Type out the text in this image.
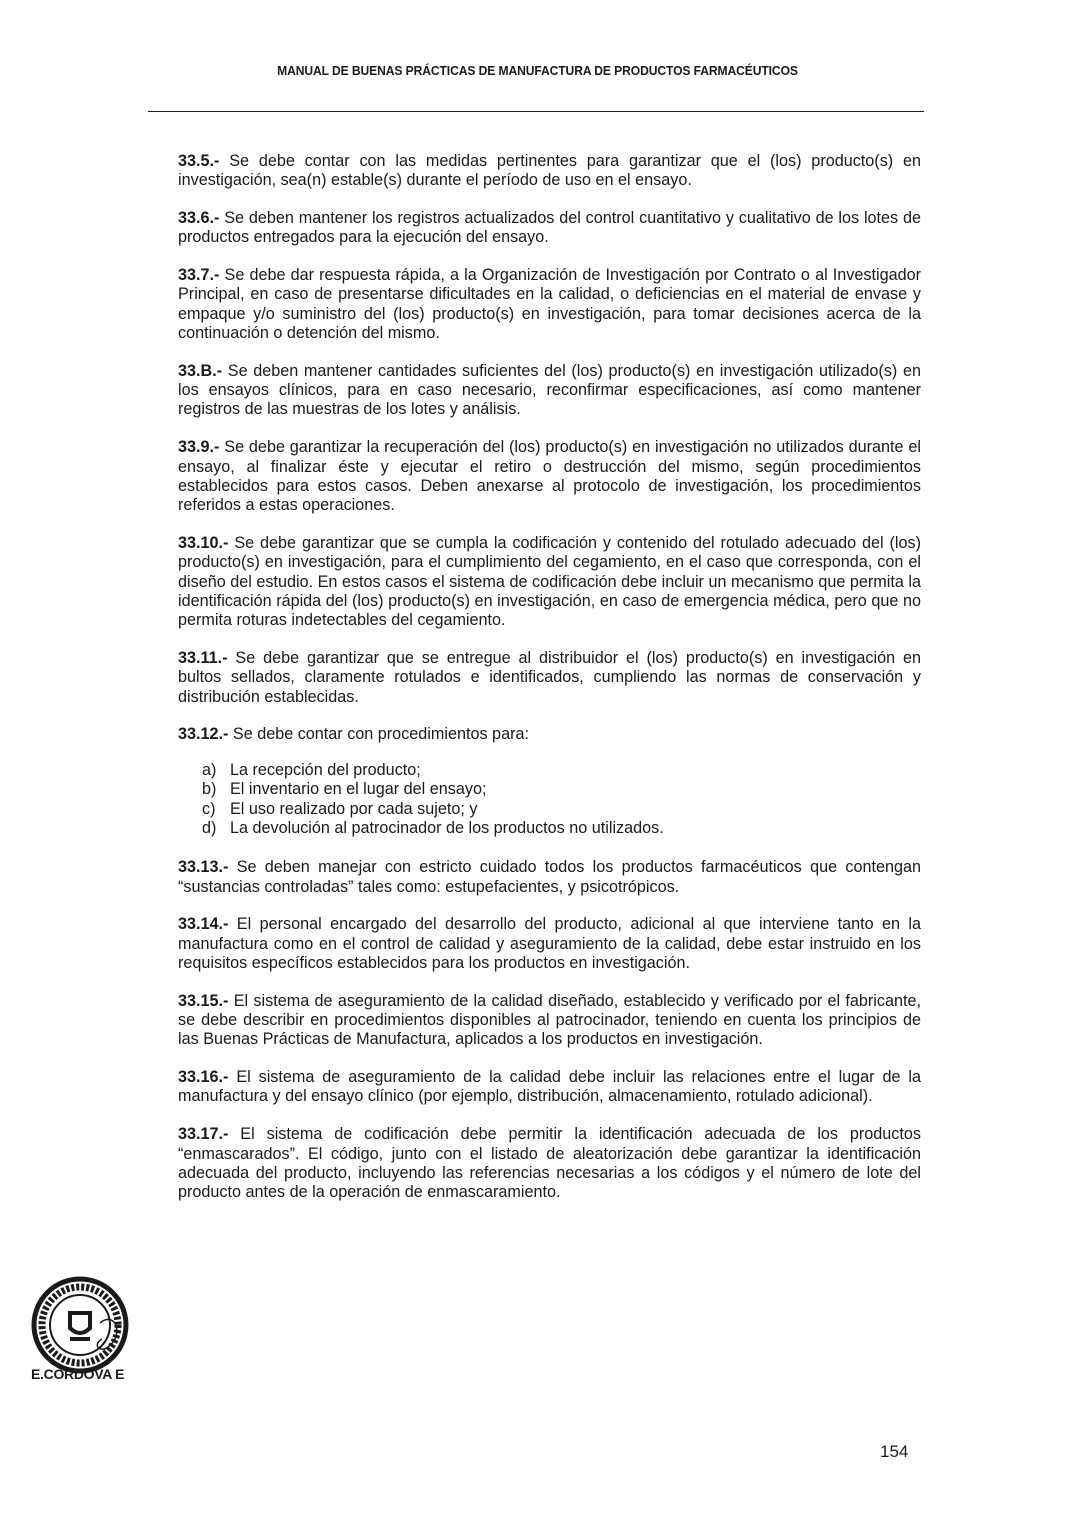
MANUAL DE BUENAS PRÁCTICAS DE MANUFACTURA DE PRODUCTOS FARMACÉUTICOS

33.5.- Se debe contar con las medidas pertinentes para garantizar que el (los) producto(s) en investigación, sea(n) estable(s) durante el período de uso en el ensayo.

33.6.- Se deben mantener los registros actualizados del control cuantitativo y cualitativo de los lotes de productos entregados para la ejecución del ensayo.

33.7.- Se debe dar respuesta rápida, a la Organización de Investigación por Contrato o al Investigador Principal, en caso de presentarse dificultades en la calidad, o deficiencias en el material de envase y empaque y/o suministro del (los) producto(s) en investigación, para tomar decisiones acerca de la continuación o detención del mismo.

33.B.- Se deben mantener cantidades suficientes del (los) producto(s) en investigación utilizado(s) en los ensayos clínicos, para en caso necesario, reconfirmar especificaciones, así como mantener registros de las muestras de los lotes y análisis.

33.9.- Se debe garantizar la recuperación del (los) producto(s) en investigación no utilizados durante el ensayo, al finalizar éste y ejecutar el retiro o destrucción del mismo, según procedimientos establecidos para estos casos. Deben anexarse al protocolo de investigación, los procedimientos referidos a estas operaciones.

33.10.- Se debe garantizar que se cumpla la codificación y contenido del rotulado adecuado del (los) producto(s) en investigación, para el cumplimiento del cegamiento, en el caso que corresponda, con el diseño del estudio. En estos casos el sistema de codificación debe incluir un mecanismo que permita la identificación rápida del (los) producto(s) en investigación, en caso de emergencia médica, pero que no permita roturas indetectables del cegamiento.

33.11.- Se debe garantizar que se entregue al distribuidor el (los) producto(s) en investigación en bultos sellados, claramente rotulados e identificados, cumpliendo las normas de conservación y distribución establecidas.

33.12.- Se debe contar con procedimientos para:

a) La recepción del producto;
b) El inventario en el lugar del ensayo;
c) El uso realizado por cada sujeto; y
d) La devolución al patrocinador de los productos no utilizados.

33.13.- Se deben manejar con estricto cuidado todos los productos farmacéuticos que contengan “sustancias controladas” tales como: estupefacientes, y psicotrópicos.

33.14.- El personal encargado del desarrollo del producto, adicional al que interviene tanto en la manufactura como en el control de calidad y aseguramiento de la calidad, debe estar instruido en los requisitos específicos establecidos para los productos en investigación.

33.15.- El sistema de aseguramiento de la calidad diseñado, establecido y verificado por el fabricante, se debe describir en procedimientos disponibles al patrocinador, teniendo en cuenta los principios de las Buenas Prácticas de Manufactura, aplicados a los productos en investigación.

33.16.- El sistema de aseguramiento de la calidad debe incluir las relaciones entre el lugar de la manufactura y del ensayo clínico (por ejemplo, distribución, almacenamiento, rotulado adicional).

33.17.- El sistema de codificación debe permitir la identificación adecuada de los productos “enmascarados”. El código, junto con el listado de aleatorización debe garantizar la identificación adecuada del producto, incluyendo las referencias necesarias a los códigos y el número de lote del producto antes de la operación de enmascaramiento.

E.CÓRDOVA E
154
